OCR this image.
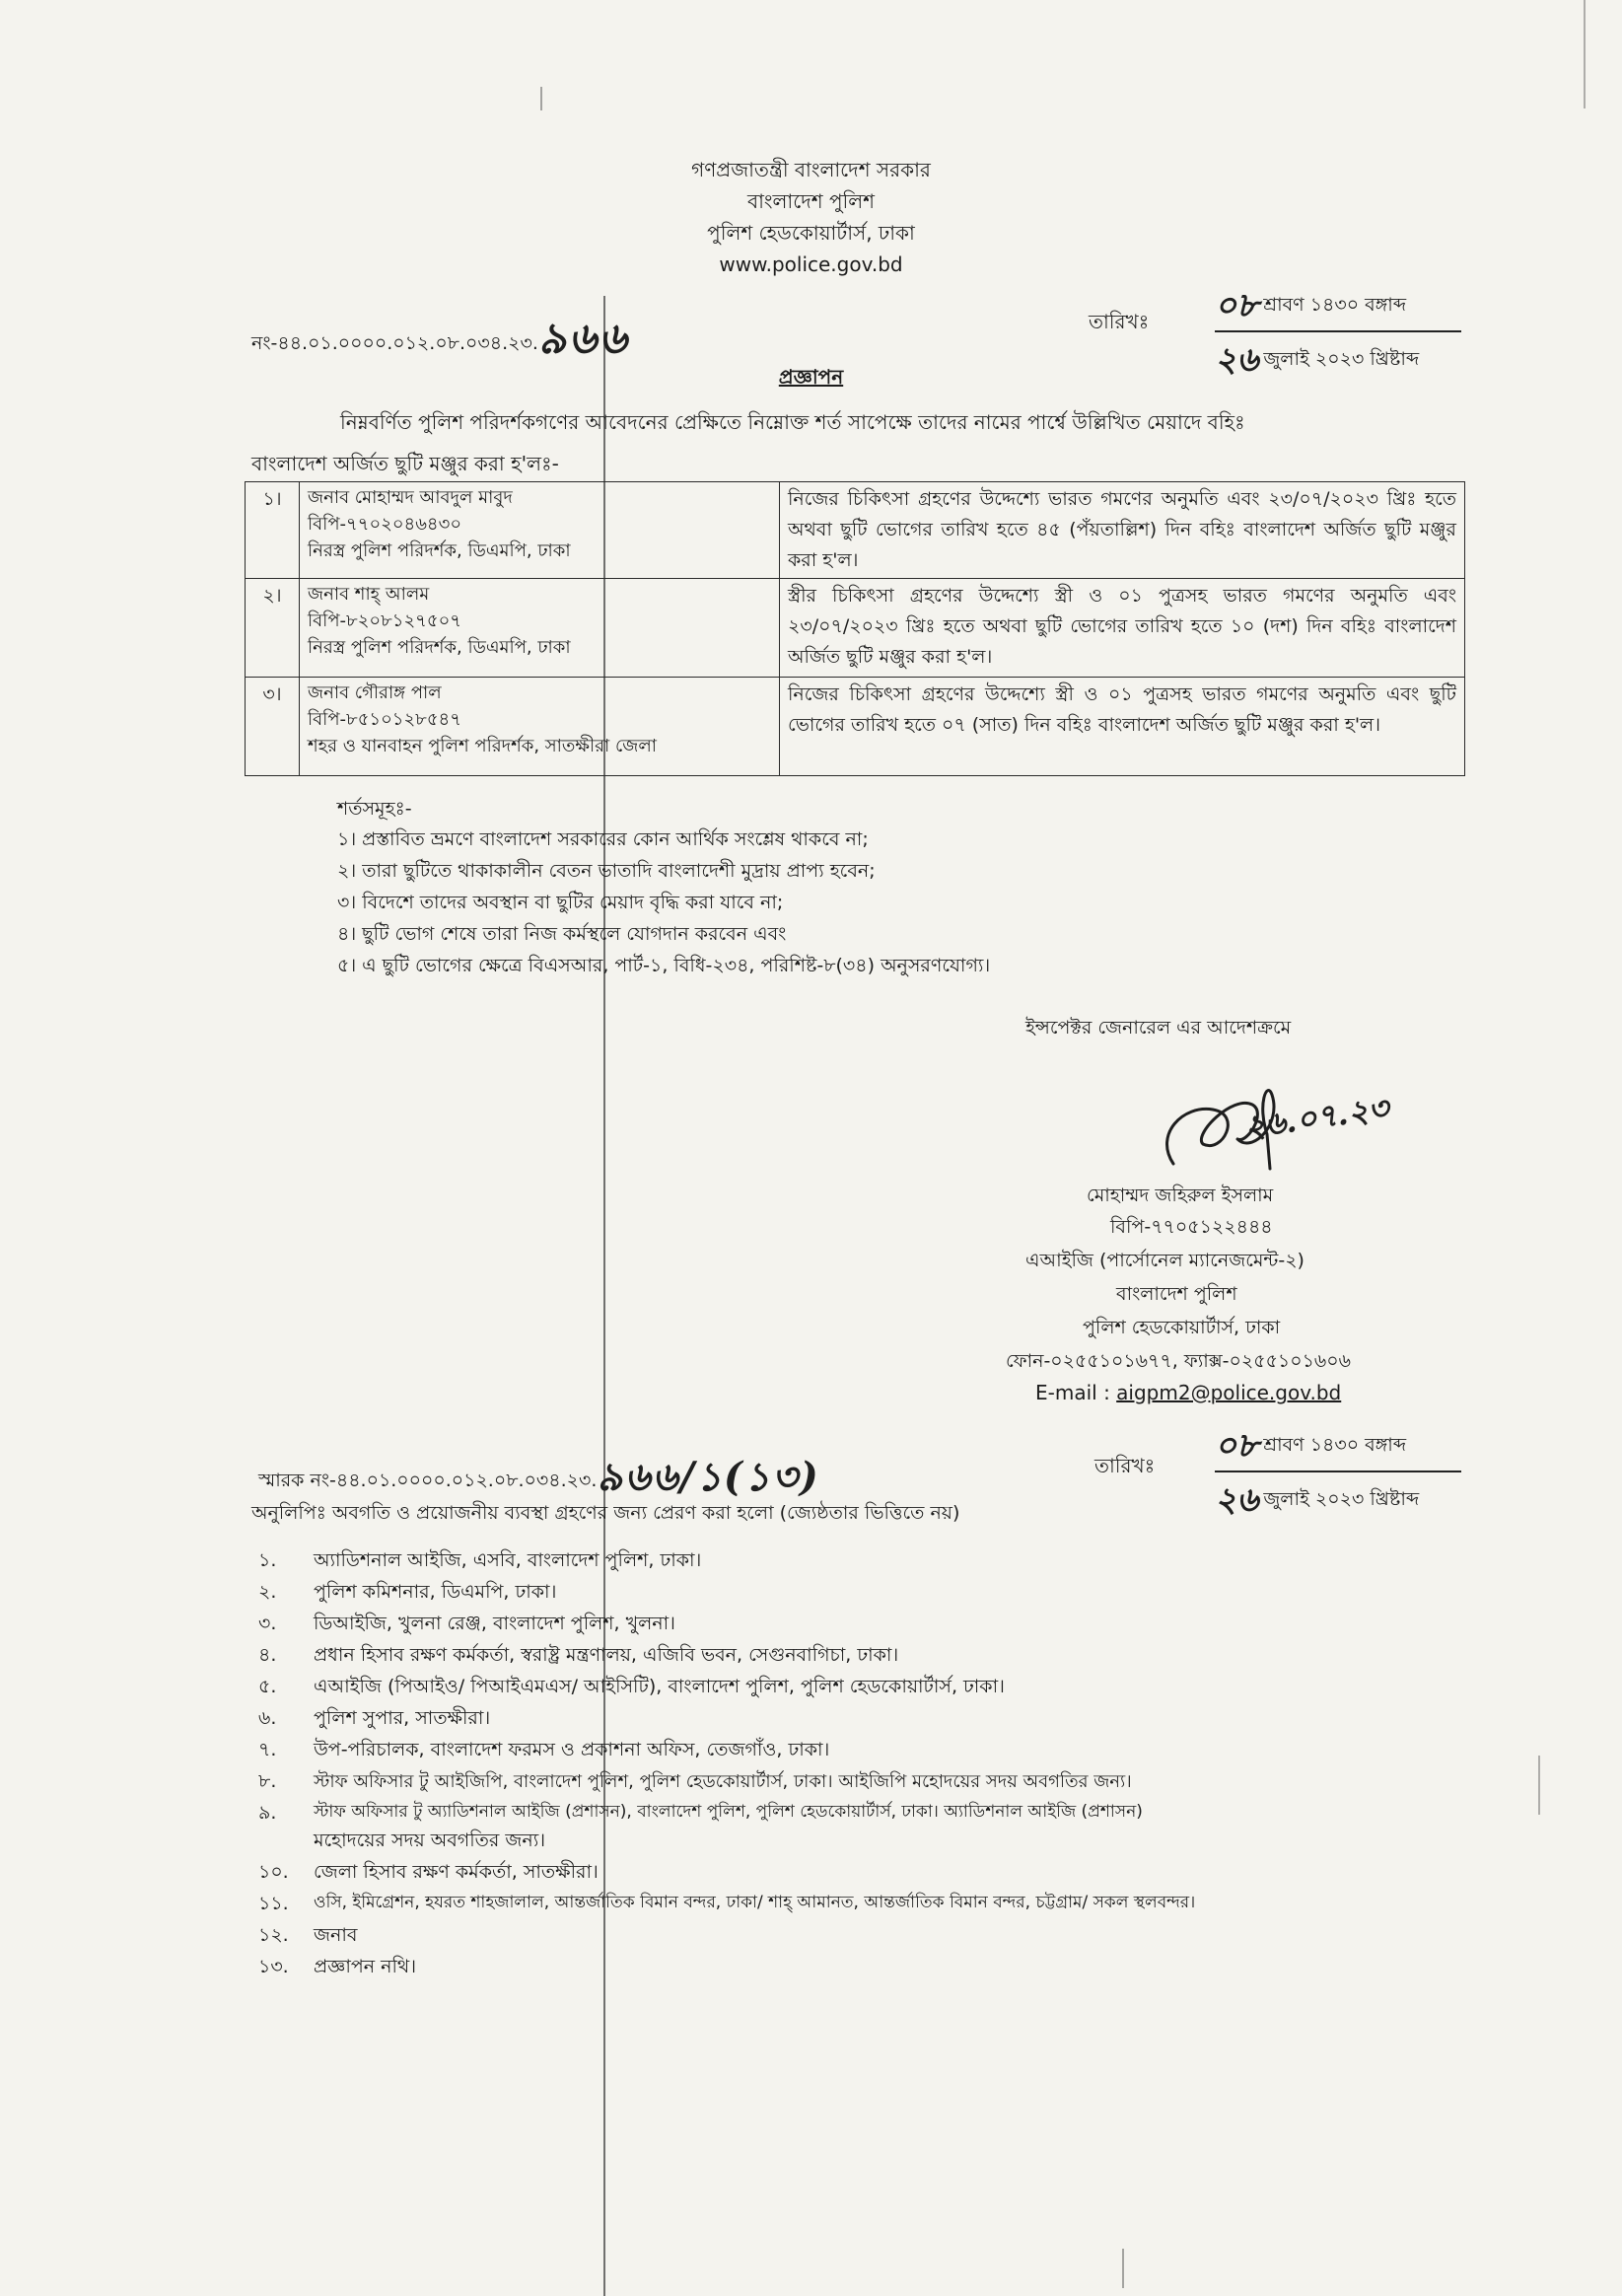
গণপ্রজাতন্ত্রী বাংলাদেশ সরকার
বাংলাদেশ পুলিশ
পুলিশ হেডকোয়ার্টার্স, ঢাকা
www.police.gov.bd
নং-৪৪.০১.০০০০.০১২.০৮.০৩৪.২৩.৯৬৬	তারিখঃ ০৮ শ্রাবণ ১৪৩০ বঙ্গাব্দ
২৬ জুলাই ২০২৩ খ্রিষ্টাব্দ
প্রজ্ঞাপন
নিম্নবর্ণিত পুলিশ পরিদর্শকগণের আবেদনের প্রেক্ষিতে নিম্নোক্ত শর্ত সাপেক্ষে তাদের নামের পার্শ্বে উল্লিখিত মেয়াদে বহিঃ
বাংলাদেশ অর্জিত ছুটি মঞ্জুর করা হ'লঃ-
১।	জনাব মোহাম্মদ আবদুল মাবুদ
বিপি-৭৭০২০৪৬৪৩০
নিরস্ত্র পুলিশ পরিদর্শক, ডিএমপি, ঢাকা	নিজের চিকিৎসা গ্রহণের উদ্দেশ্যে ভারত গমণের অনুমতি এবং ২৩/০৭/২০২৩ খ্রিঃ হতে অথবা ছুটি ভোগের তারিখ হতে ৪৫ (পঁয়তাল্লিশ) দিন বহিঃ বাংলাদেশ অর্জিত ছুটি মঞ্জুর করা হ'ল।
২।	জনাব শাহ্ আলম
বিপি-৮২০৮১২৭৫০৭
নিরস্ত্র পুলিশ পরিদর্শক, ডিএমপি, ঢাকা	স্ত্রীর চিকিৎসা গ্রহণের উদ্দেশ্যে স্ত্রী ও ০১ পুত্রসহ ভারত গমণের অনুমতি এবং ২৩/০৭/২০২৩ খ্রিঃ হতে অথবা ছুটি ভোগের তারিখ হতে ১০ (দশ) দিন বহিঃ বাংলাদেশ অর্জিত ছুটি মঞ্জুর করা হ'ল।
৩।	জনাব গৌরাঙ্গ পাল
বিপি-৮৫১০১২৮৫৪৭
শহর ও যানবাহন পুলিশ পরিদর্শক, সাতক্ষীরা জেলা	নিজের চিকিৎসা গ্রহণের উদ্দেশ্যে স্ত্রী ও ০১ পুত্রসহ ভারত গমণের অনুমতি এবং ছুটি ভোগের তারিখ হতে ০৭ (সাত) দিন বহিঃ বাংলাদেশ অর্জিত ছুটি মঞ্জুর করা হ'ল।
শর্তসমূহঃ-
১। প্রস্তাবিত ভ্রমণে বাংলাদেশ সরকারের কোন আর্থিক সংশ্লেষ থাকবে না;
২। তারা ছুটিতে থাকাকালীন বেতন ভাতাদি বাংলাদেশী মুদ্রায় প্রাপ্য হবেন;
৩। বিদেশে তাদের অবস্থান বা ছুটির মেয়াদ বৃদ্ধি করা যাবে না;
৪। ছুটি ভোগ শেষে তারা নিজ কর্মস্থলে যোগদান করবেন এবং
৫। এ ছুটি ভোগের ক্ষেত্রে বিএসআর, পার্ট-১, বিধি-২৩৪, পরিশিষ্ট-৮(৩৪) অনুসরণযোগ্য।
ইন্সপেক্টর জেনারেল এর আদেশক্রমে
২৬.০৭.২৩
মোহাম্মদ জহিরুল ইসলাম
বিপি-৭৭০৫১২২৪৪৪
এআইজি (পার্সোনেল ম্যানেজমেন্ট-২)
বাংলাদেশ পুলিশ
পুলিশ হেডকোয়ার্টার্স, ঢাকা
ফোন-০২৫৫১০১৬৭৭, ফ্যাক্স-০২৫৫১০১৬০৬
E-mail : aigpm2@police.gov.bd
স্মারক নং-৪৪.০১.০০০০.০১২.০৮.০৩৪.২৩.৯৬৬/১(১৩)	তারিখঃ ০৮ শ্রাবণ ১৪৩০ বঙ্গাব্দ
২৬ জুলাই ২০২৩ খ্রিষ্টাব্দ
অনুলিপিঃ অবগতি ও প্রয়োজনীয় ব্যবস্থা গ্রহণের জন্য প্রেরণ করা হলো (জ্যেষ্ঠতার ভিত্তিতে নয়)
১.	অ্যাডিশনাল আইজি, এসবি, বাংলাদেশ পুলিশ, ঢাকা।
২.	পুলিশ কমিশনার, ডিএমপি, ঢাকা।
৩.	ডিআইজি, খুলনা রেঞ্জ, বাংলাদেশ পুলিশ, খুলনা।
৪.	প্রধান হিসাব রক্ষণ কর্মকর্তা, স্বরাষ্ট্র মন্ত্রণালয়, এজিবি ভবন, সেগুনবাগিচা, ঢাকা।
৫.	এআইজি (পিআইও/ পিআইএমএস/ আইসিটি), বাংলাদেশ পুলিশ, পুলিশ হেডকোয়ার্টার্স, ঢাকা।
৬.	পুলিশ সুপার, সাতক্ষীরা।
৭.	উপ-পরিচালক, বাংলাদেশ ফরমস ও প্রকাশনা অফিস, তেজগাঁও, ঢাকা।
৮.	স্টাফ অফিসার টু আইজিপি, বাংলাদেশ পুলিশ, পুলিশ হেডকোয়ার্টার্স, ঢাকা। আইজিপি মহোদয়ের সদয় অবগতির জন্য।
৯.	স্টাফ অফিসার টু অ্যাডিশনাল আইজি (প্রশাসন), বাংলাদেশ পুলিশ, পুলিশ হেডকোয়ার্টার্স, ঢাকা। অ্যাডিশনাল আইজি (প্রশাসন)
মহোদয়ের সদয় অবগতির জন্য।
১০.	জেলা হিসাব রক্ষণ কর্মকর্তা, সাতক্ষীরা।
১১.	ওসি, ইমিগ্রেশন, হযরত শাহজালাল, আন্তর্জাতিক বিমান বন্দর, ঢাকা/ শাহ্ আমানত, আন্তর্জাতিক বিমান বন্দর, চট্টগ্রাম/ সকল স্থলবন্দর।
১২.	জনাব
১৩.	প্রজ্ঞাপন নথি।
